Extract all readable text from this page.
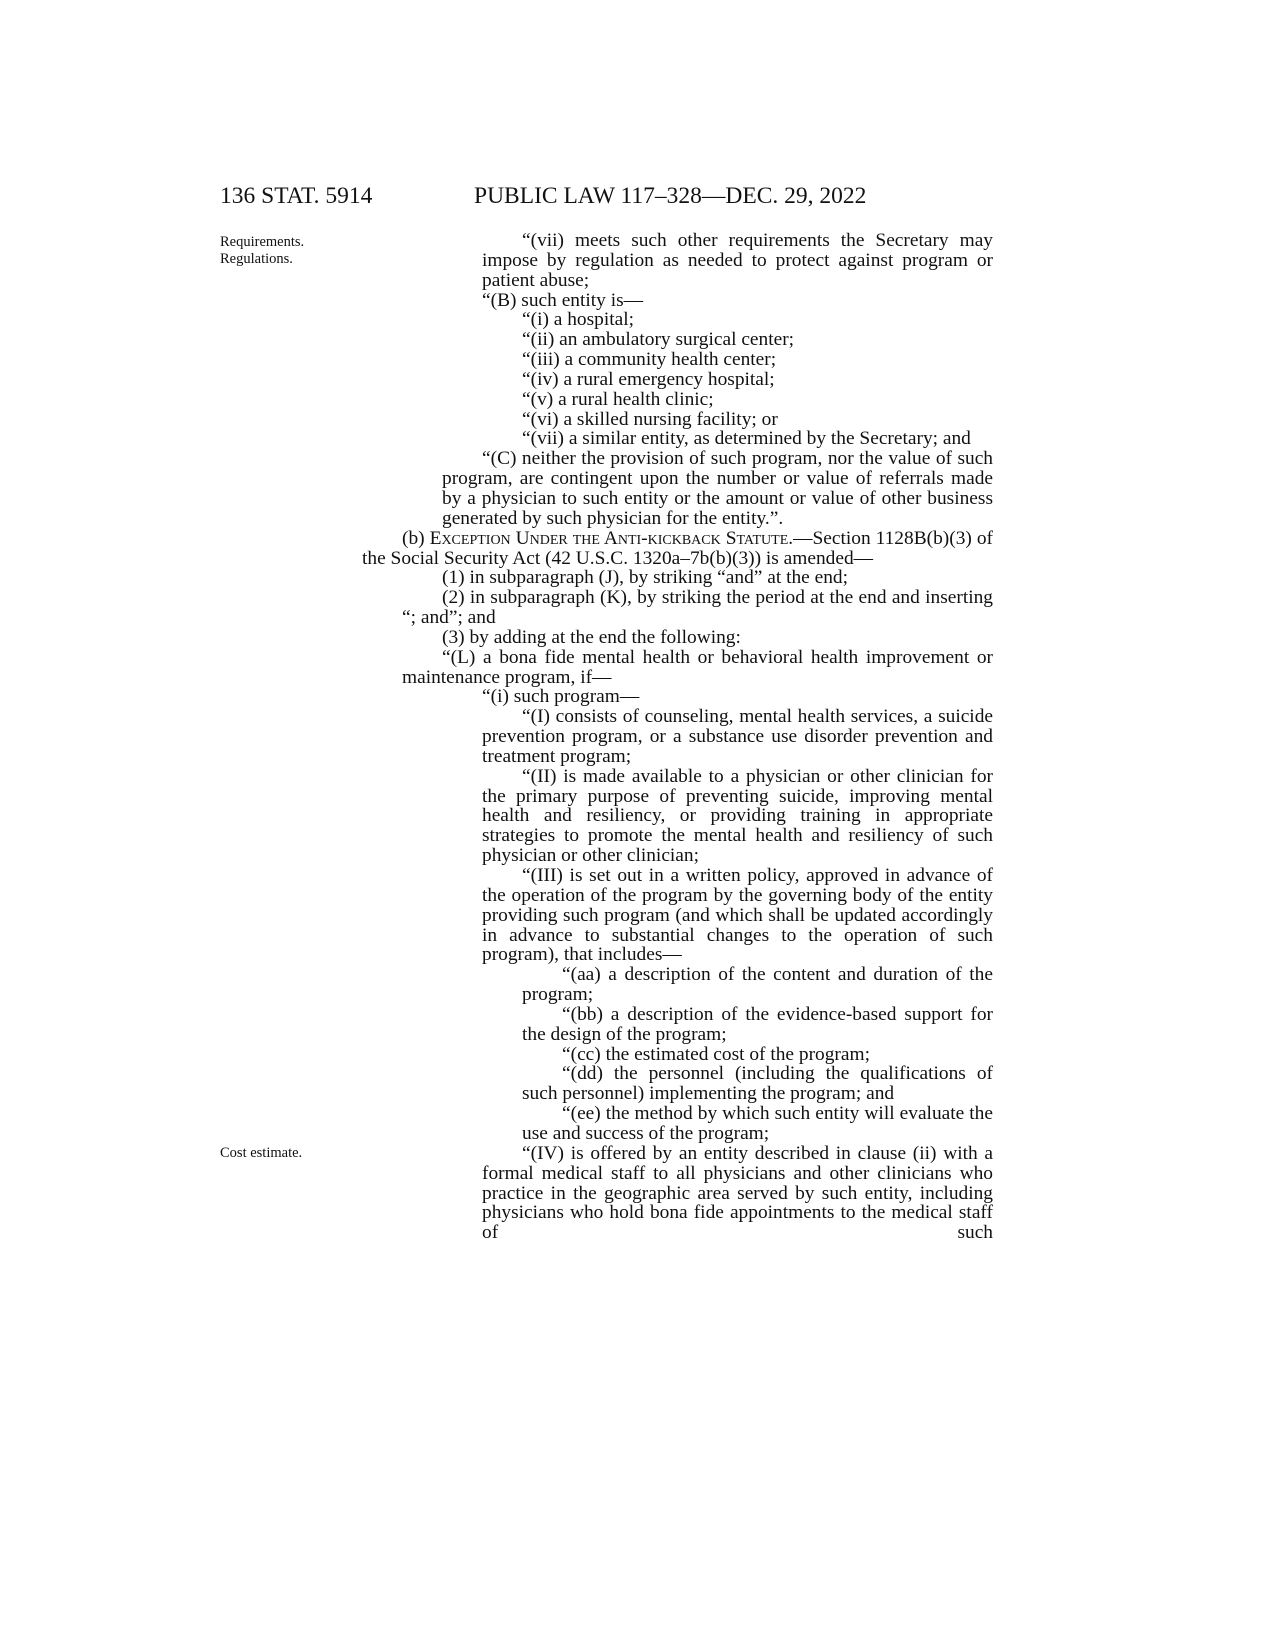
136 STAT. 5914	PUBLIC LAW 117–328—DEC. 29, 2022
Requirements.
Regulations.
Cost estimate.

“(vii) meets such other requirements the Secretary may impose by regulation as needed to protect against program or patient abuse;

“(B) such entity is—

“(i) a hospital;

“(ii) an ambulatory surgical center;

“(iii) a community health center;

“(iv) a rural emergency hospital;

“(v) a rural health clinic;

“(vi) a skilled nursing facility; or

“(vii) a similar entity, as determined by the Secretary; and

“(C) neither the provision of such program, nor the value of such program, are contingent upon the number or value of referrals made by a physician to such entity or the amount or value of other business generated by such physician for the entity.”.

(b) Exception Under the Anti-kickback Statute.—Section 1128B(b)(3) of the Social Security Act (42 U.S.C. 1320a–7b(b)(3)) is amended—

(1) in subparagraph (J), by striking “and” at the end;

(2) in subparagraph (K), by striking the period at the end and inserting “; and”; and

(3) by adding at the end the following:

“(L) a bona fide mental health or behavioral health improvement or maintenance program, if—

“(i) such program—

“(I) consists of counseling, mental health services, a suicide prevention program, or a substance use disorder prevention and treatment program;

“(II) is made available to a physician or other clinician for the primary purpose of preventing suicide, improving mental health and resiliency, or providing training in appropriate strategies to promote the mental health and resiliency of such physician or other clinician;

“(III) is set out in a written policy, approved in advance of the operation of the program by the governing body of the entity providing such program (and which shall be updated accordingly in advance to substantial changes to the operation of such program), that includes—

“(aa) a description of the content and duration of the program;

“(bb) a description of the evidence-based support for the design of the program;

“(cc) the estimated cost of the program;

“(dd) the personnel (including the qualifications of such personnel) implementing the program; and

“(ee) the method by which such entity will evaluate the use and success of the program;

“(IV) is offered by an entity described in clause (ii) with a formal medical staff to all physicians and other clinicians who practice in the geographic area served by such entity, including physicians who hold bona fide appointments to the medical staff of such
